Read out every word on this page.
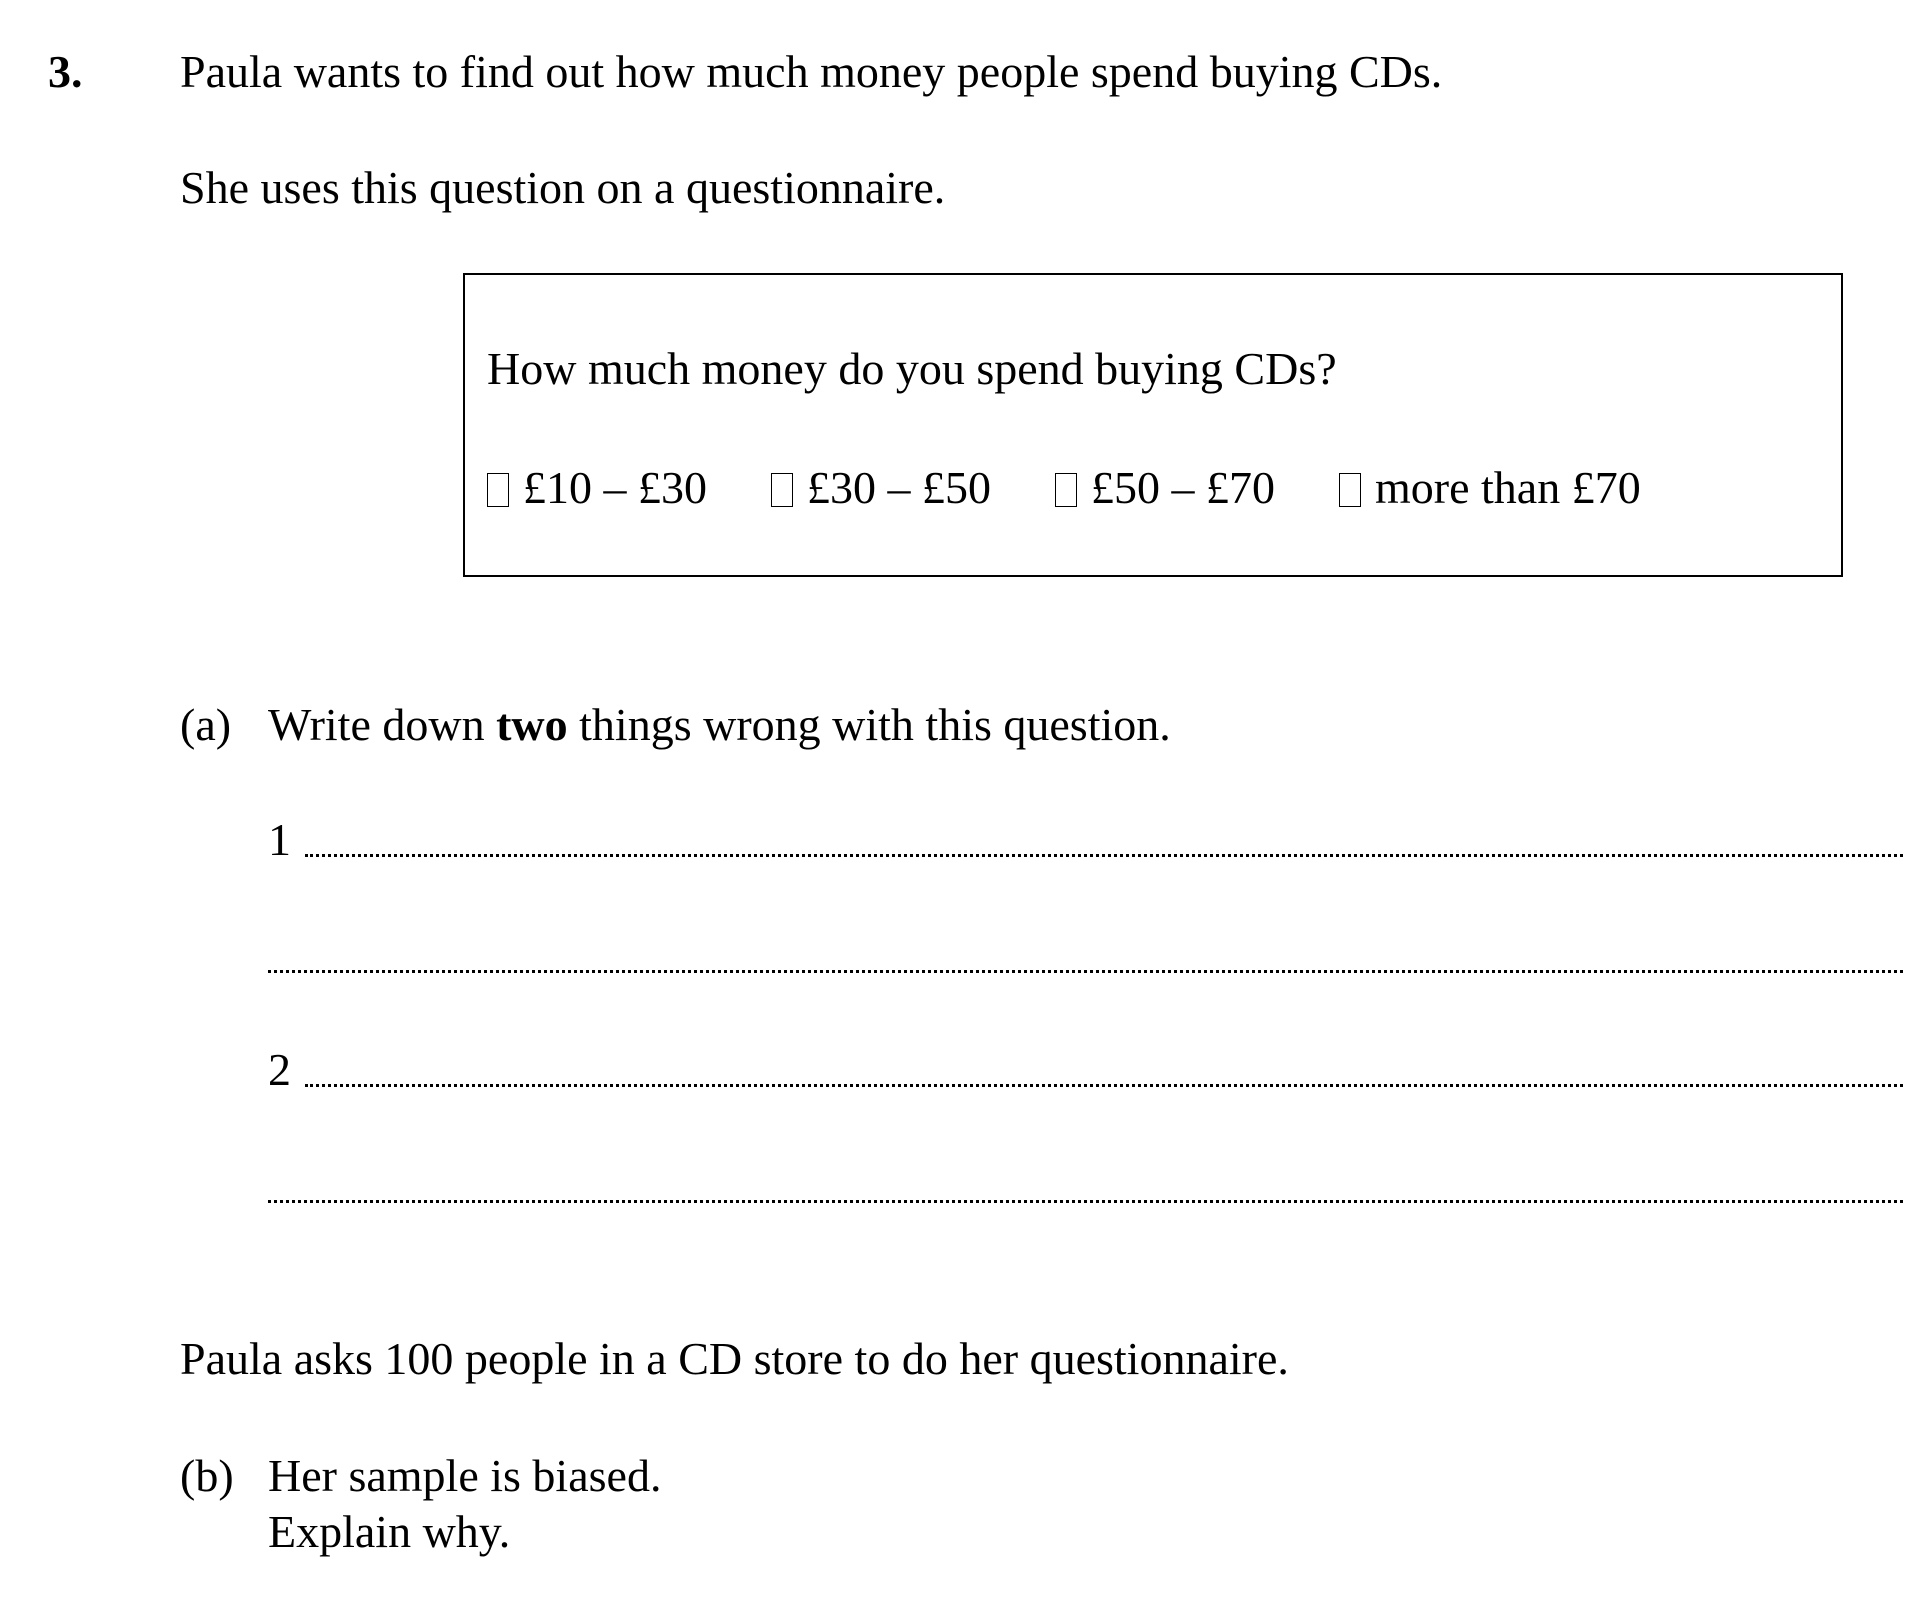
3. Paula wants to find out how much money people spend buying CDs.
She uses this question on a questionnaire.
How much money do you spend buying CDs?
£10 – £30 £30 – £50 £50 – £70 more than £70
(a) Write down two things wrong with this question.
1
2
Paula asks 100 people in a CD store to do her questionnaire.
(b) Her sample is biased.
Explain why.
